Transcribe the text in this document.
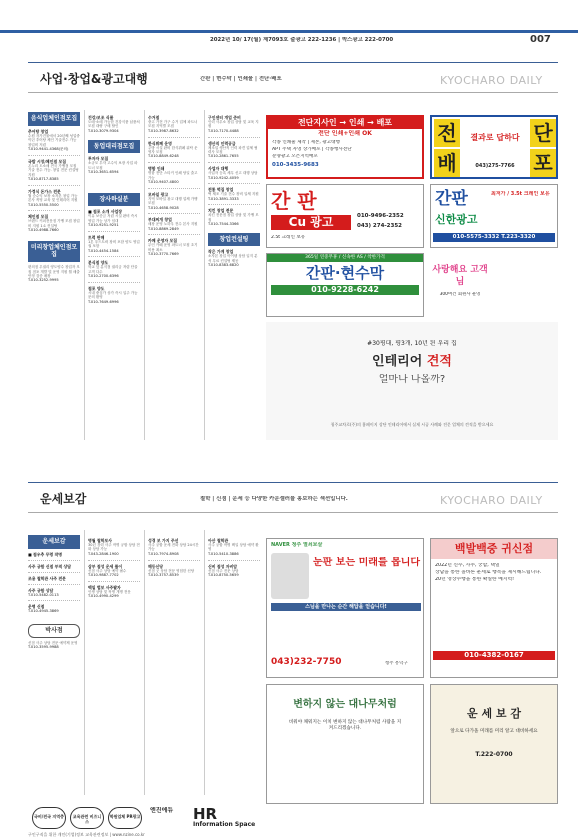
2022년 10/ 17(월) 제7093호 출광고 222-1236 | 박스광고 222-0700	007
사업·창업&광고대행	간판 | 현수막 | 인쇄물 | 전단·배포	KYOCHARO DAILY
음식업체인점모집
추어탕 창업
수원 자가건물에서 20년째 성업중이던 추어탕 체인 기술전수 가능 창업비 저렴
T.010-9441-4368(문의)
국밥 시장/체인점 모집
온누리 도소매 전국 가맹점 모집 기술 전수 가능. 창업 전문 컨설팅 지원
T.010-8717-8385
가정식 돈가스 전문
월 순수익 보장 소자본 창업 가능 본사 직영 교육 및 인테리어 지원
T.010-5550-5500
체인점 모집
브랜드 커피전문점 가맹 모집 창업비 지원 1:1 컨설팅
T.010-4988-7660
미리창업체인점모집
편의점 무권리 양도양수 창업자 모집 점포 개발 및 운영 지원 월 매출 안정 검증 매장
T.010-3252-9995
건강/보조 식품
도매·소매 가능한 건강식품 납품처 모집 대량 구매 할인
T.010-3079-9304
동업대리점모집
투자자 모집
소규모 투자 고수익 보장 사업 파트너 모집
T.010-3651-6594
장사하실분
■ 점포 소개 사업장
이유 보증금 저렴 시설 완비 즉시 영업 가능 상가 임대
T.010-9251-9251
트럭 판매
1톤 푸드트럭 장비 포함 양도 영업권 포함
T.010-4454-1584
분식점 양도
학교 앞 분식점 권리금 저렴 단골 고객 다수
T.010-2700-6396
점포 양도
시내 중심가 상가 즉시 입주 가능 문의 환영
T.010-7649-6996
수거점
중고 가전 가구 수거 업체 파트너 모집 지역별 모집
T.010-3987-8632
한식뷔페 운영
주방 시설 완비 한식뷔페 위탁 운영자 모집
T.010-8849-6248
명함 인쇄
명함 전단 스티커 인쇄 당일 출고 가능
T.010-9407-4800
모바일 광고
지역 모바일 광고 대행 업체 가맹 모집
T.010-4658-9028
부대찌개 창업
매장 운영 노하우 전수 본사 지원
T.010-8869-2849
카페 운영자 모집
무인 카페 운영 파트너 모집 초기 비용 최소
T.010-3770-7669
구인센터 개업 준비
인력 사무소 창업 상담 및 교육 지원
T.010-7170-4488
생산직 인력공급
제조업 생산직 인력 파견 업체 협력사 모집
T.010-2861-7655
사업자 대행
사업자 등록 세무 신고 대행 상담
T.010-9242-4059
전통 떡집 창업
떡 제조 기술 전수 장비 일체 지원
T.010-3891-3333
치킨 창업 전문
치킨 전문점 창업 상담 및 가맹 모집
T.010-7544-3366
창업컨설팅
작은 가게 창업
소자본 창업 아이템 상담 입지 분석 무료 컨설팅 제공
T.010-8383-6820
전단지사인 → 인쇄 → 배포
전단 인쇄+인쇄 OK
각종 인쇄물 제작 | 제본, 광고대행
APT 주택 자영 상가배포 | 각종행사전단
분양광고 오픈지역배포
010-3435-9683
전	단
배	포
결과로 답하다
043)275-7766
간 판
Cu 광고
2.5t 크레인 보유
010-9496-2352
043) 274-2352
간판	최저가 / 3.5t 크레인 보유
신한광고
010-5575-3332 T.223-3320
365일 연중무휴 / 신속한 AS / 착한가격
간판·현수막
010-9228-6242
사랑해요 고객님
300여건 회원사 운영
#30평대, 평3개, 10년 된 우리 집
인테리어 견적
얼마나 나올까?
청주교차로(주)의 홈페이지 상단 인테리어에서 실제 시공 사례와 전문 업체의 견적을 받으세요
운세보감	철학 | 신점 | 운세 등 다양한 카운셀러를 홍보하는 섹션입니다.	KYOCHARO DAILY
운세보감
■ 점우추 무령 작명
사주 궁합 신점 부적 상담
조용 철학관 사주 전문
사주 궁합 상담
T.010-5482-0113
운명 신점
T.010-4945-3869
박사점
신점 사주 상담 전문 예약제 운영
T.010-3595-9988
명월 철학보사
30년 경력 사주 작명 궁합 상담 전화 상담 가능
T.043-2846-1900
삼부 점성 운세 풀이
신점 사주 상담 예약 필수
T.010-9887-7702
백일 법보 사주팔자
인생 상담 및 작명 개명 전문
T.010-4990-4299
성경 보 가지 주선
사주 궁합 운세 전화 상담 24시간 가능
T.010-7974-8908
해등신당
신점 굿 상담 전문 영험한 신당
T.010-3757-8539
아산 철학관
사주 궁합 작명 택일 상담 예약 환영
T.010-5410-3886
신비 점성 자비암
신점 사주 전문 상담
T.010-8750-5659
NAVER 청주 열쇠보살
눈판 보는 미래를 봅니다
스님을 만나는 순간 해답을 얻습니다!
043)232-7750	청주 흥덕구
백발백중 귀신점
2022년 신수, 사주, 궁합, 택일
상담을 통한 올바른 운세로 행복을 제시해드립니다.
20년 영상수행을 통한 확실한 예지력!
010-4382-0167
변하지 않는 대나무처럼
비워야 채워지는 이치 변하지 않는 대나무처럼 사람을 지켜드리겠습니다.
운 세 보 감
앞으로 다가올 미래를 미리 알고 대비하세요
T.222-0700
국비/전국 지역층	교육관련 비즈니스
학원업체 PR광고
엔진에듀	HR
Information Space
구인구직을 위한 개인(기업)정보 교육관련정보 | www.nzine.co.kr
